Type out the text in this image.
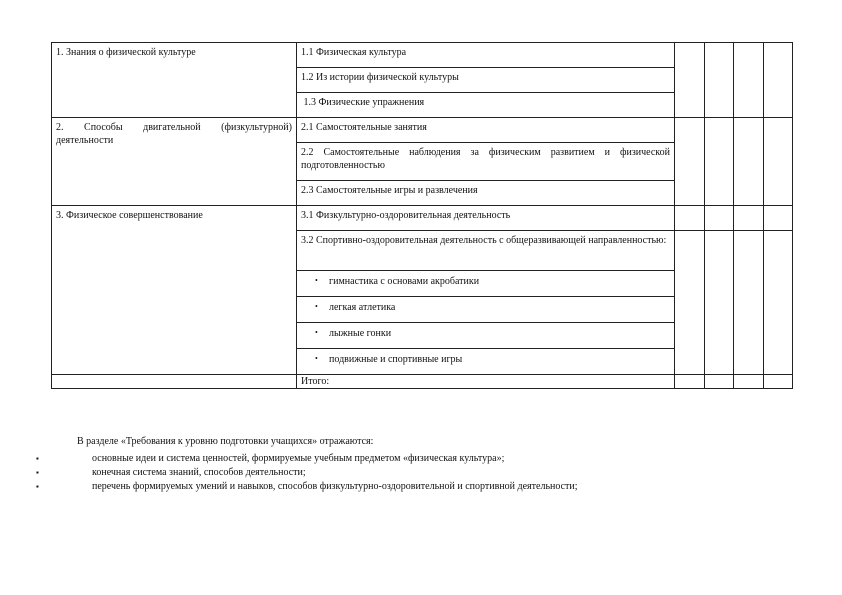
1. Знания о физической культуре	1.1 Физическая культура				
	1.2 Из истории физической культуры				
	1.3 Физические упражнения				
2. Способы двигательной (физкультурной) деятельности	2.1 Самостоятельные занятия				
	2.2 Самостоятельные наблюдения за физическим развитием и физической подготовленностью				
	2.3 Самостоятельные игры и развлечения				
3. Физическое совершенствование	3.1 Физкультурно-оздоровительная деятельность				
	3.2 Спортивно-оздоровительная деятельность с общеразвивающей направленностью:				
	• гимнастика с основами акробатики				
	• легкая атлетика				
	• лыжные гонки				
	• подвижные и спортивные игры				
	Итого:				
В разделе «Требования к уровню подготовки учащихся» отражаются:
▪	основные идеи и система ценностей, формируемые учебным предметом «физическая культура»;
▪	конечная система знаний, способов деятельности;
▪	перечень формируемых умений и навыков, способов физкультурно-оздоровительной и спортивной деятельности;
